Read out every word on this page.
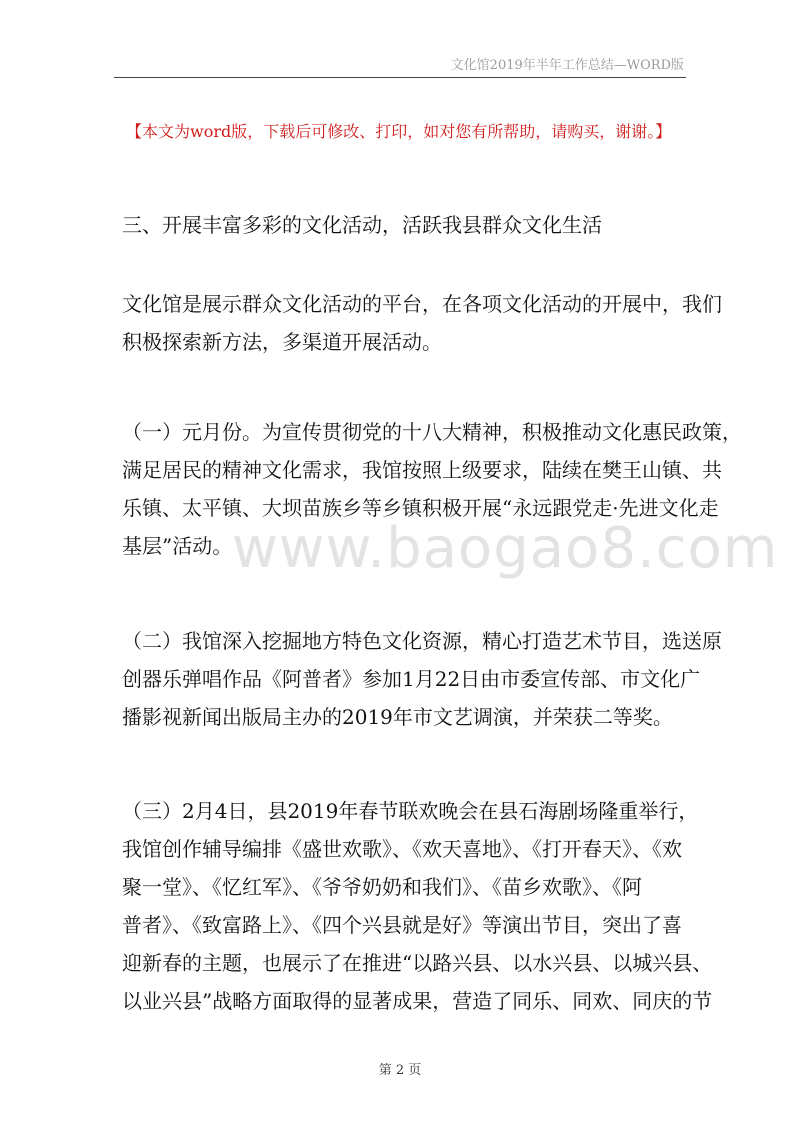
文化馆2019年半年工作总结—WORD版
【本文为word版，下载后可修改、打印，如对您有所帮助，请购买，谢谢。】
www.baogao8.com
三、开展丰富多彩的文化活动，活跃我县群众文化生活
文化馆是展示群众文化活动的平台，在各项文化活动的开展中，我们
积极探索新方法，多渠道开展活动。
（一）元月份。为宣传贯彻党的十八大精神，积极推动文化惠民政策，
满足居民的精神文化需求，我馆按照上级要求，陆续在樊王山镇、共
乐镇、太平镇、大坝苗族乡等乡镇积极开展“永远跟党走·先进文化走
基层”活动。
（二）我馆深入挖掘地方特色文化资源，精心打造艺术节目，选送原
创器乐弹唱作品《阿普者》参加1月22日由市委宣传部、市文化广
播影视新闻出版局主办的2019年市文艺调演，并荣获二等奖。
（三）2月4日，县2019年春节联欢晚会在县石海剧场隆重举行，
我馆创作辅导编排《盛世欢歌》、《欢天喜地》、《打开春天》、《欢
聚一堂》、《忆红军》、《爷爷奶奶和我们》、《苗乡欢歌》、《阿
普者》、《致富路上》、《四个兴县就是好》等演出节目，突出了喜
迎新春的主题，也展示了在推进“以路兴县、以水兴县、以城兴县、
以业兴县”战略方面取得的显著成果，营造了同乐、同欢、同庆的节
第 2 页
